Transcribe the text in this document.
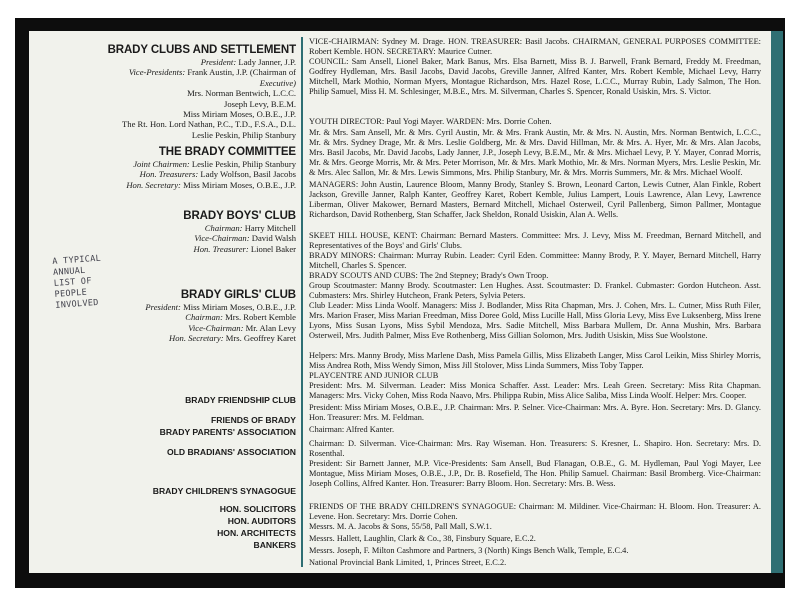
BRADY CLUBS AND SETTLEMENT
President: Lady Janner, J.P.
Vice-Presidents: Frank Austin, J.P. (Chairman of
Executive)
Mrs. Norman Bentwich, L.C.C.
Joseph Levy, B.E.M.
Miss Miriam Moses, O.B.E., J.P.
The Rt. Hon. Lord Nathan, P.C., T.D., F.S.A., D.L.
Leslie Peskin, Philip Stanbury
THE BRADY COMMITTEE
Joint Chairmen: Leslie Peskin, Philip Stanbury
Hon. Treasurers: Lady Wolfson, Basil Jacobs
Hon. Secretary: Miss Miriam Moses, O.B.E., J.P.
BRADY BOYS' CLUB
Chairman: Harry Mitchell
Vice-Chairman: David Walsh
Hon. Treasurer: Lionel Baker
A TYPICAL
ANNUAL
LIST OF
PEOPLE
INVOLVED
BRADY GIRLS' CLUB
President: Miss Miriam Moses, O.B.E., J.P.
Chairman: Mrs. Robert Kemble
Vice-Chairman: Mr. Alan Levy
Hon. Secretary: Mrs. Geoffrey Karet
BRADY FRIENDSHIP CLUB
FRIENDS OF BRADY
BRADY PARENTS' ASSOCIATION
OLD BRADIANS' ASSOCIATION
BRADY CHILDREN'S SYNAGOGUE
HON. SOLICITORS
HON. AUDITORS
HON. ARCHITECTS
BANKERS
VICE-CHAIRMAN: Sydney M. Drage. HON. TREASURER: Basil Jacobs. CHAIRMAN, GENERAL PURPOSES COMMITTEE: Robert Kemble. HON. SECRETARY: Maurice Cutner.
COUNCIL: Sam Ansell, Lionel Baker, Mark Banus, Mrs. Elsa Barnett, Miss B. J. Barwell, Frank Bernard, Freddy M. Freedman, Godfrey Hydleman, Mrs. Basil Jacobs, David Jacobs, Greville Janner, Alfred Kanter, Mrs. Robert Kemble, Michael Levy, Harry Mitchell, Mark Mothio, Norman Myers, Montague Richardson, Mrs. Hazel Rose, L.C.C., Murray Rubin, Lady Salmon, The Hon. Philip Samuel, Miss H. M. Schlesinger, M.B.E., Mrs. M. Silverman, Charles S. Spencer, Ronald Usiskin, Mrs. S. Victor.
YOUTH DIRECTOR: Paul Yogi Mayer. WARDEN: Mrs. Dorrie Cohen.
Mr. & Mrs. Sam Ansell, Mr. & Mrs. Cyril Austin, Mr. & Mrs. Frank Austin, Mr. & Mrs. N. Austin, Mrs. Norman Bentwich, L.C.C., Mr. & Mrs. Sydney Drage, Mr. & Mrs. Leslie Goldberg, Mr. & Mrs. David Hillman, Mr. & Mrs. A. Hyer, Mr. & Mrs. Alan Jacobs, Mrs. Basil Jacobs, Mr. David Jacobs, Lady Janner, J.P., Joseph Levy, B.E.M., Mr. & Mrs. Michael Levy, P. Y. Mayer, Conrad Morris, Mr. & Mrs. George Morris, Mr. & Mrs. Peter Morrison, Mr. & Mrs. Mark Mothio, Mr. & Mrs. Norman Myers, Mrs. Leslie Peskin, Mr. & Mrs. Alec Sallon, Mr. & Mrs. Lewis Simmons, Mrs. Philip Stanbury, Mr. & Mrs. Morris Summers, Mr. & Mrs. Michael Woolf.
MANAGERS: John Austin, Laurence Bloom, Manny Brody, Stanley S. Brown, Leonard Carton, Lewis Cutner, Alan Finkle, Robert Jackson, Greville Janner, Ralph Kanter, Geoffrey Karet, Robert Kemble, Julius Lampert, Louis Lawrence, Alan Levy, Lawrence Liberman, Oliver Makower, Bernard Masters, Bernard Mitchell, Michael Osterweil, Cyril Pallenberg, Simon Pallmer, Montague Richardson, David Rothenberg, Stan Schaffer, Jack Sheldon, Ronald Usiskin, Alan A. Wells.
SKEET HILL HOUSE, KENT: Chairman: Bernard Masters. Committee: Mrs. J. Levy, Miss M. Freedman, Bernard Mitchell, and Representatives of the Boys' and Girls' Clubs.
BRADY MINORS: Chairman: Murray Rubin. Leader: Cyril Eden. Committee: Manny Brody, P. Y. Mayer, Bernard Mitchell, Harry Mitchell, Charles S. Spencer.
BRADY SCOUTS AND CUBS: The 2nd Stepney; Brady's Own Troop.
Group Scoutmaster: Manny Brody. Scoutmaster: Len Hughes. Asst. Scoutmaster: D. Frankel. Cubmaster: Gordon Hutcheon. Asst. Cubmasters: Mrs. Shirley Hutcheon, Frank Peters, Sylvia Peters.
Club Leader: Miss Linda Woolf. Managers: Miss J. Bodlander, Miss Rita Chapman, Mrs. J. Cohen, Mrs. L. Cutner, Miss Ruth Filer, Mrs. Marion Fraser, Miss Marian Freedman, Miss Doree Gold, Miss Lucille Hall, Miss Gloria Levy, Miss Eve Luksenberg, Miss Irene Lyons, Miss Susan Lyons, Miss Sybil Mendoza, Mrs. Sadie Mitchell, Miss Barbara Mullem, Dr. Anna Mushin, Mrs. Barbara Osterweil, Mrs. Judith Palmer, Miss Eve Rothenberg, Miss Gillian Solomon, Mrs. Judith Usiskin, Miss Sue Woolstone.
Helpers: Mrs. Manny Brody, Miss Marlene Dash, Miss Pamela Gillis, Miss Elizabeth Langer, Miss Carol Leikin, Miss Shirley Morris, Miss Andrea Roth, Miss Wendy Simon, Miss Jill Stolover, Miss Linda Summers, Miss Toby Tapper.
PLAYCENTRE AND JUNIOR CLUB
President: Mrs. M. Silverman. Leader: Miss Monica Schaffer. Asst. Leader: Mrs. Leah Green. Secretary: Miss Rita Chapman. Managers: Mrs. Vicky Cohen, Miss Roda Naavo, Mrs. Philippa Rubin, Miss Alice Saliba, Miss Linda Woolf. Helper: Mrs. Cooper.
President: Miss Miriam Moses, O.B.E., J.P. Chairman: Mrs. P. Selner. Vice-Chairman: Mrs. A. Byre. Hon. Secretary: Mrs. D. Glancy. Hon. Treasurer: Mrs. M. Feldman.
Chairman: Alfred Kanter.
Chairman: D. Silverman. Vice-Chairman: Mrs. Ray Wiseman. Hon. Treasurers: S. Kresner, L. Shapiro. Hon. Secretary: Mrs. D. Rosenthal.
President: Sir Barnett Janner, M.P. Vice-Presidents: Sam Ansell, Bud Flanagan, O.B.E., G. M. Hydleman, Paul Yogi Mayer, Lee Montague, Miss Miriam Moses, O.B.E., J.P., Dr. B. Rosefield, The Hon. Philip Samuel. Chairman: Basil Bromberg. Vice-Chairman: Joseph Collins, Alfred Kanter. Hon. Treasurer: Barry Bloom. Hon. Secretary: Mrs. B. Wess.
FRIENDS OF THE BRADY CHILDREN'S SYNAGOGUE: Chairman: M. Mildiner. Vice-Chairman: H. Bloom. Hon. Treasurer: A. Levene. Hon. Secretary: Mrs. Dorrie Cohen.
Messrs. M. A. Jacobs & Sons, 55/58, Pall Mall, S.W.1.
Messrs. Hallett, Laughlin, Clark & Co., 38, Finsbury Square, E.C.2.
Messrs. Joseph, F. Milton Cashmore and Partners, 3 (North) Kings Bench Walk, Temple, E.C.4.
National Provincial Bank Limited, 1, Princes Street, E.C.2.
